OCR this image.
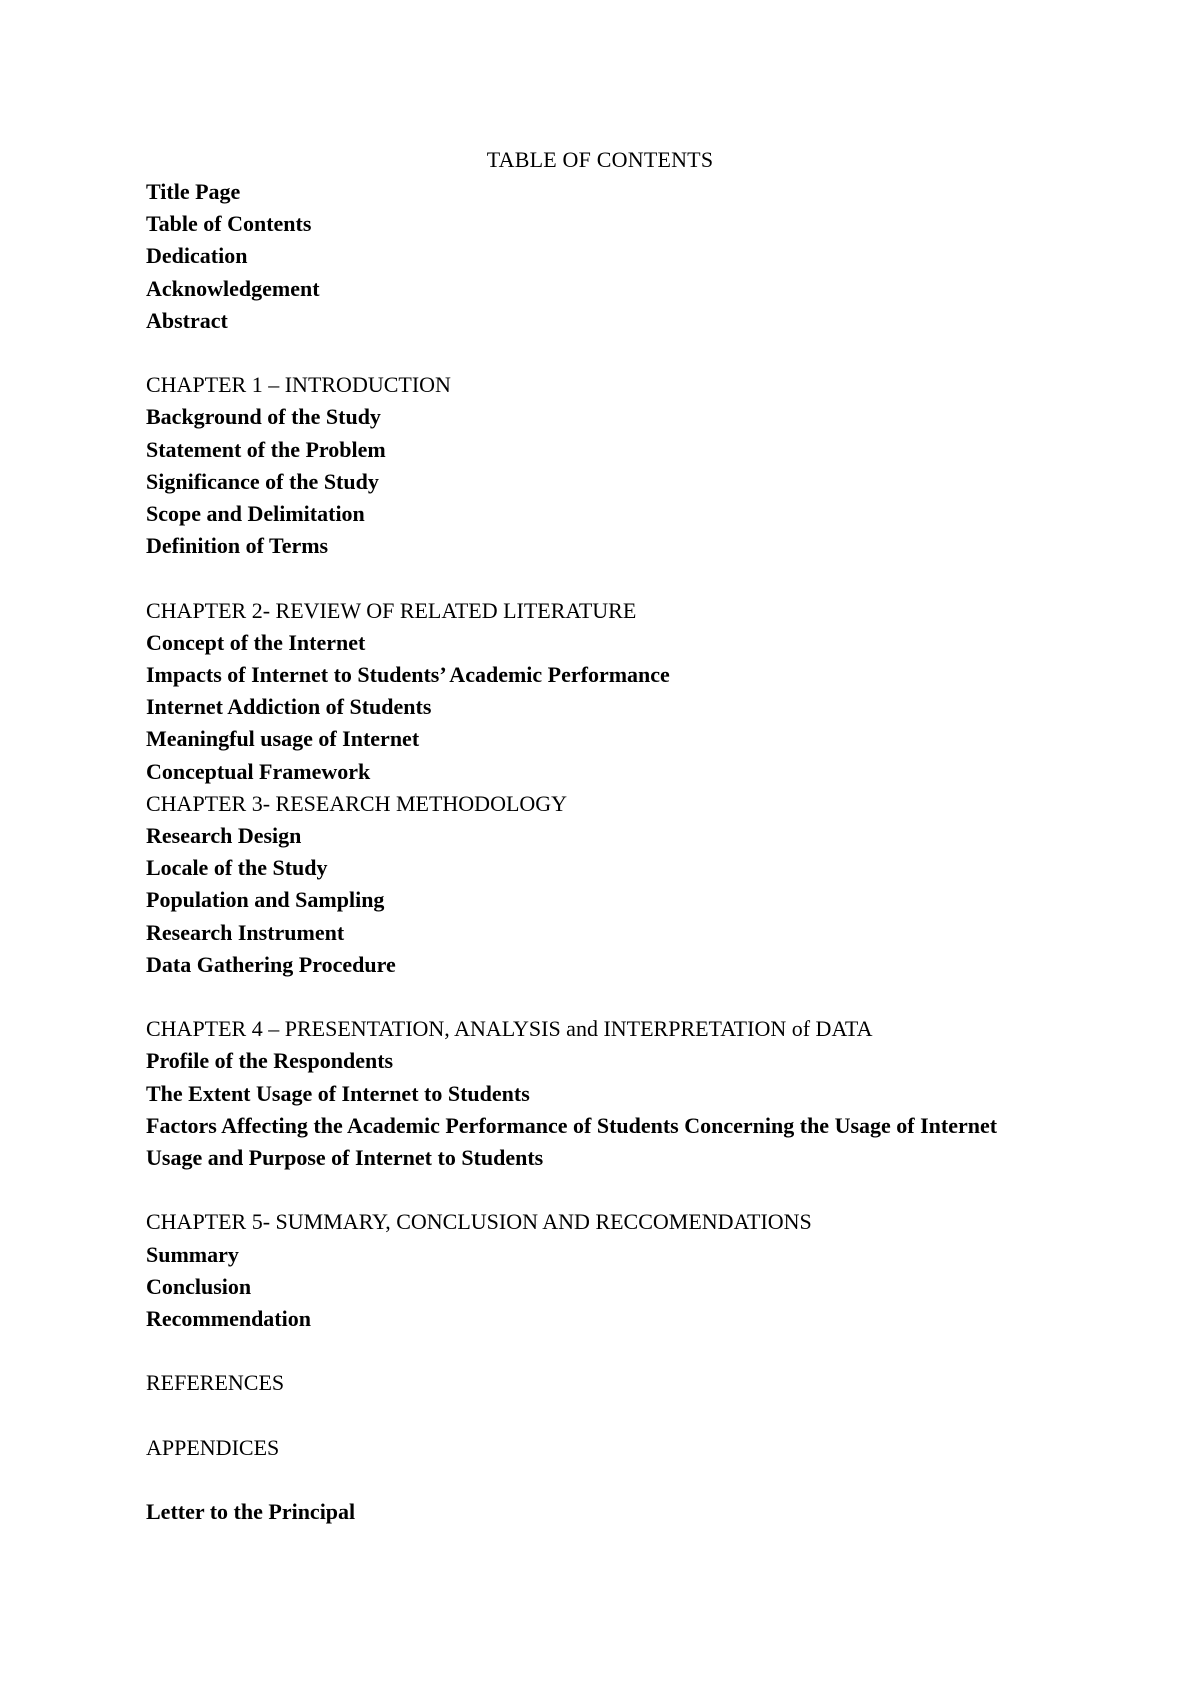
TABLE OF CONTENTS
Title Page
Table of Contents
Dedication
Acknowledgement
Abstract
CHAPTER 1 – INTRODUCTION
Background of the Study
Statement of the Problem
Significance of the Study
Scope and Delimitation
Definition of Terms
CHAPTER 2- REVIEW OF RELATED LITERATURE
Concept of the Internet
Impacts of Internet to Students’ Academic Performance
Internet Addiction of Students
Meaningful usage of Internet
Conceptual Framework
CHAPTER 3- RESEARCH METHODOLOGY
Research Design
Locale of the Study
Population and Sampling
Research Instrument
Data Gathering Procedure
CHAPTER 4 – PRESENTATION, ANALYSIS and INTERPRETATION of DATA
Profile of the Respondents
The Extent Usage of Internet to Students
Factors Affecting the Academic Performance of Students Concerning the Usage of Internet
Usage and Purpose of Internet to Students
CHAPTER 5- SUMMARY, CONCLUSION AND RECCOMENDATIONS
Summary
Conclusion
Recommendation
REFERENCES
APPENDICES
Letter to the Principal
